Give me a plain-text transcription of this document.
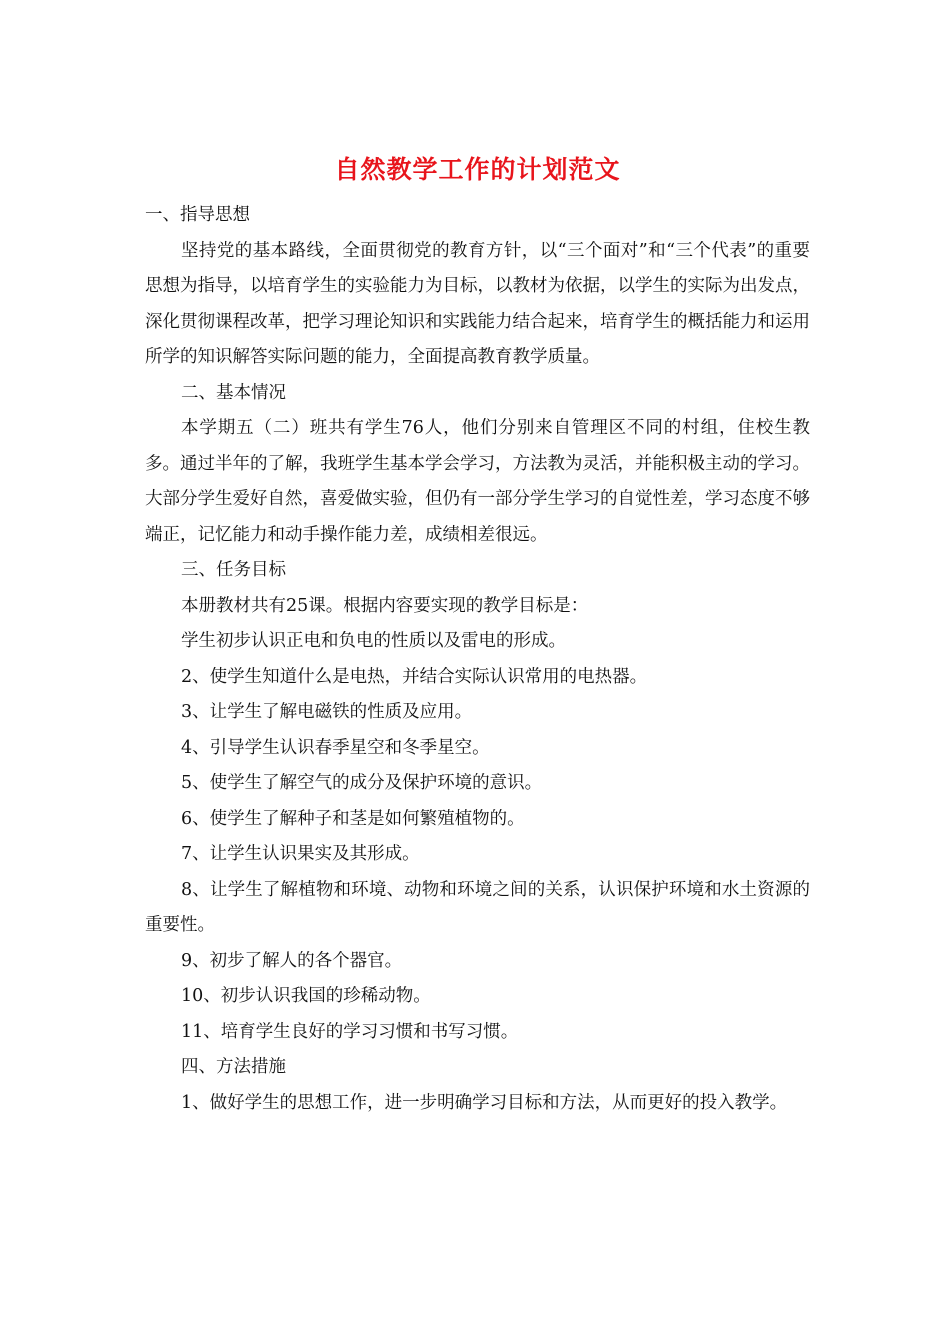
自然教学工作的计划范文

一、指导思想

坚持党的基本路线，全面贯彻党的教育方针，以“三个面对”和“三个代表”的重要思想为指导，以培育学生的实验能力为目标，以教材为依据，以学生的实际为出发点，深化贯彻课程改革，把学习理论知识和实践能力结合起来，培育学生的概括能力和运用所学的知识解答实际问题的能力，全面提高教育教学质量。

二、基本情况

本学期五（二）班共有学生76人，他们分别来自管理区不同的村组，住校生教多。通过半年的了解，我班学生基本学会学习，方法教为灵活，并能积极主动的学习。大部分学生爱好自然，喜爱做实验，但仍有一部分学生学习的自觉性差，学习态度不够端正，记忆能力和动手操作能力差，成绩相差很远。

三、任务目标

本册教材共有25课。根据内容要实现的教学目标是：

学生初步认识正电和负电的性质以及雷电的形成。

2、使学生知道什么是电热，并结合实际认识常用的电热器。

3、让学生了解电磁铁的性质及应用。

4、引导学生认识春季星空和冬季星空。

5、使学生了解空气的成分及保护环境的意识。

6、使学生了解种子和茎是如何繁殖植物的。

7、让学生认识果实及其形成。

8、让学生了解植物和环境、动物和环境之间的关系，认识保护环境和水土资源的重要性。

9、初步了解人的各个器官。

10、初步认识我国的珍稀动物。

11、培育学生良好的学习习惯和书写习惯。

四、方法措施

1、做好学生的思想工作，进一步明确学习目标和方法，从而更好的投入教学。
